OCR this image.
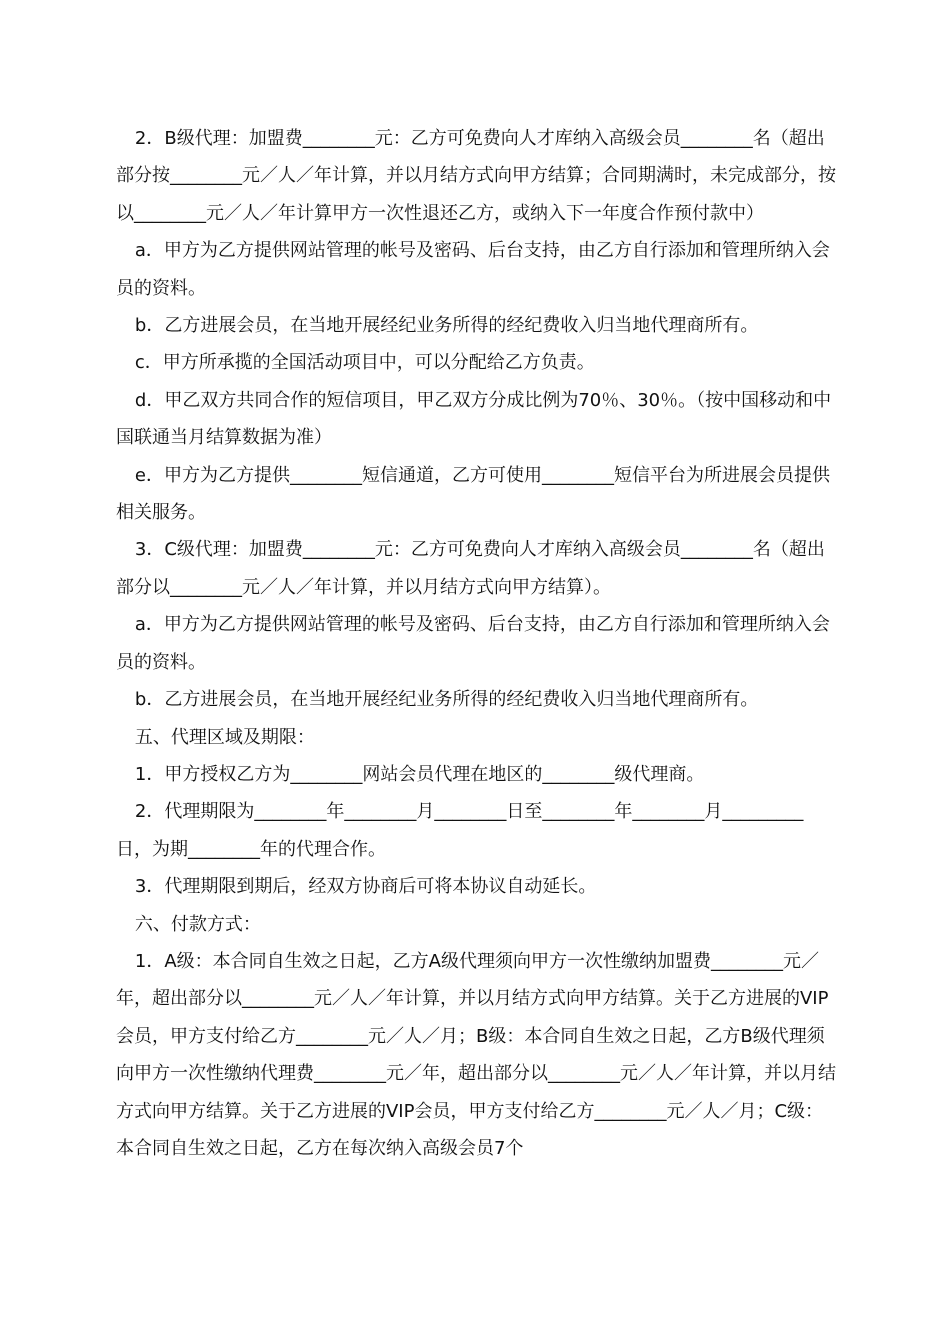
2．B级代理：加盟费________元：乙方可免费向人才库纳入高级会员________名（超出部分按________元／人／年计算，并以月结方式向甲方结算；合同期满时，未完成部分，按以________元／人／年计算甲方一次性退还乙方，或纳入下一年度合作预付款中）

a．甲方为乙方提供网站管理的帐号及密码、后台支持，由乙方自行添加和管理所纳入会员的资料。

b．乙方进展会员，在当地开展经纪业务所得的经纪费收入归当地代理商所有。

c．甲方所承揽的全国活动项目中，可以分配给乙方负责。

d．甲乙双方共同合作的短信项目，甲乙双方分成比例为70％、30％。（按中国移动和中国联通当月结算数据为准）

e．甲方为乙方提供________短信通道，乙方可使用________短信平台为所进展会员提供相关服务。

3．C级代理：加盟费________元：乙方可免费向人才库纳入高级会员________名（超出部分以________元／人／年计算，并以月结方式向甲方结算）。

a．甲方为乙方提供网站管理的帐号及密码、后台支持，由乙方自行添加和管理所纳入会员的资料。

b．乙方进展会员，在当地开展经纪业务所得的经纪费收入归当地代理商所有。

五、代理区域及期限：

1．甲方授权乙方为________网站会员代理在地区的________级代理商。

2．代理期限为________年________月________日至________年________月_________日，为期________年的代理合作。

3．代理期限到期后，经双方协商后可将本协议自动延长。

六、付款方式：

1．A级：本合同自生效之日起，乙方A级代理须向甲方一次性缴纳加盟费________元／年，超出部分以________元／人／年计算，并以月结方式向甲方结算。关于乙方进展的VIP会员，甲方支付给乙方________元／人／月；B级：本合同自生效之日起，乙方B级代理须向甲方一次性缴纳代理费________元／年，超出部分以________元／人／年计算，并以月结方式向甲方结算。关于乙方进展的VIP会员，甲方支付给乙方________元／人／月；C级：本合同自生效之日起，乙方在每次纳入高级会员7个
